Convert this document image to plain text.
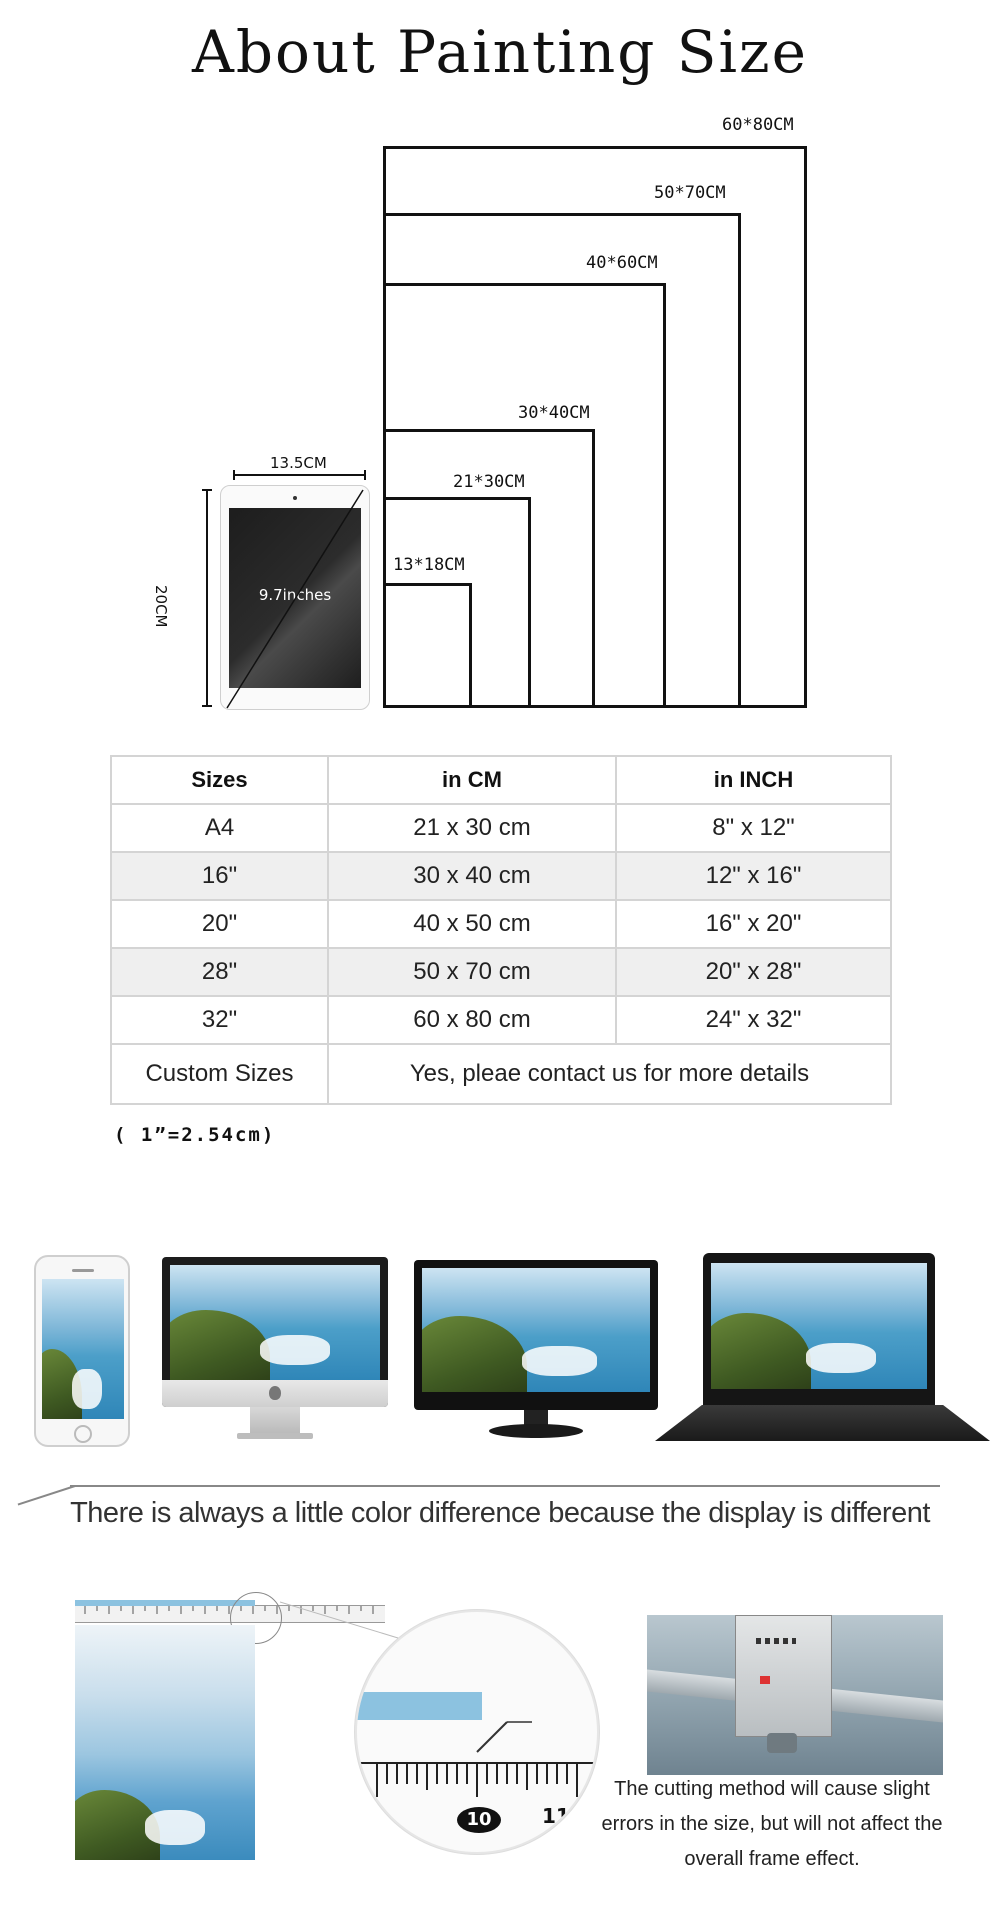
About Painting Size
60*80CM
50*70CM
40*60CM
30*40CM
21*30CM
13*18CM
13.5CM
20CM	9.7inches
Sizes	in CM	in INCH
A4	21 x 30 cm	8" x 12"
16"	30 x 40 cm	12" x 16"
20"	40 x 50 cm	16" x 20"
28"	50 x 70 cm	20" x 28"
32"	60 x 80 cm	24" x 32"
Custom Sizes	Yes, pleae contact us for more details	
( 1”=2.54cm)
There is always a little color difference because the display is different
10	11
The cutting method will cause slight
errors in the size, but will not affect the
overall frame effect.
